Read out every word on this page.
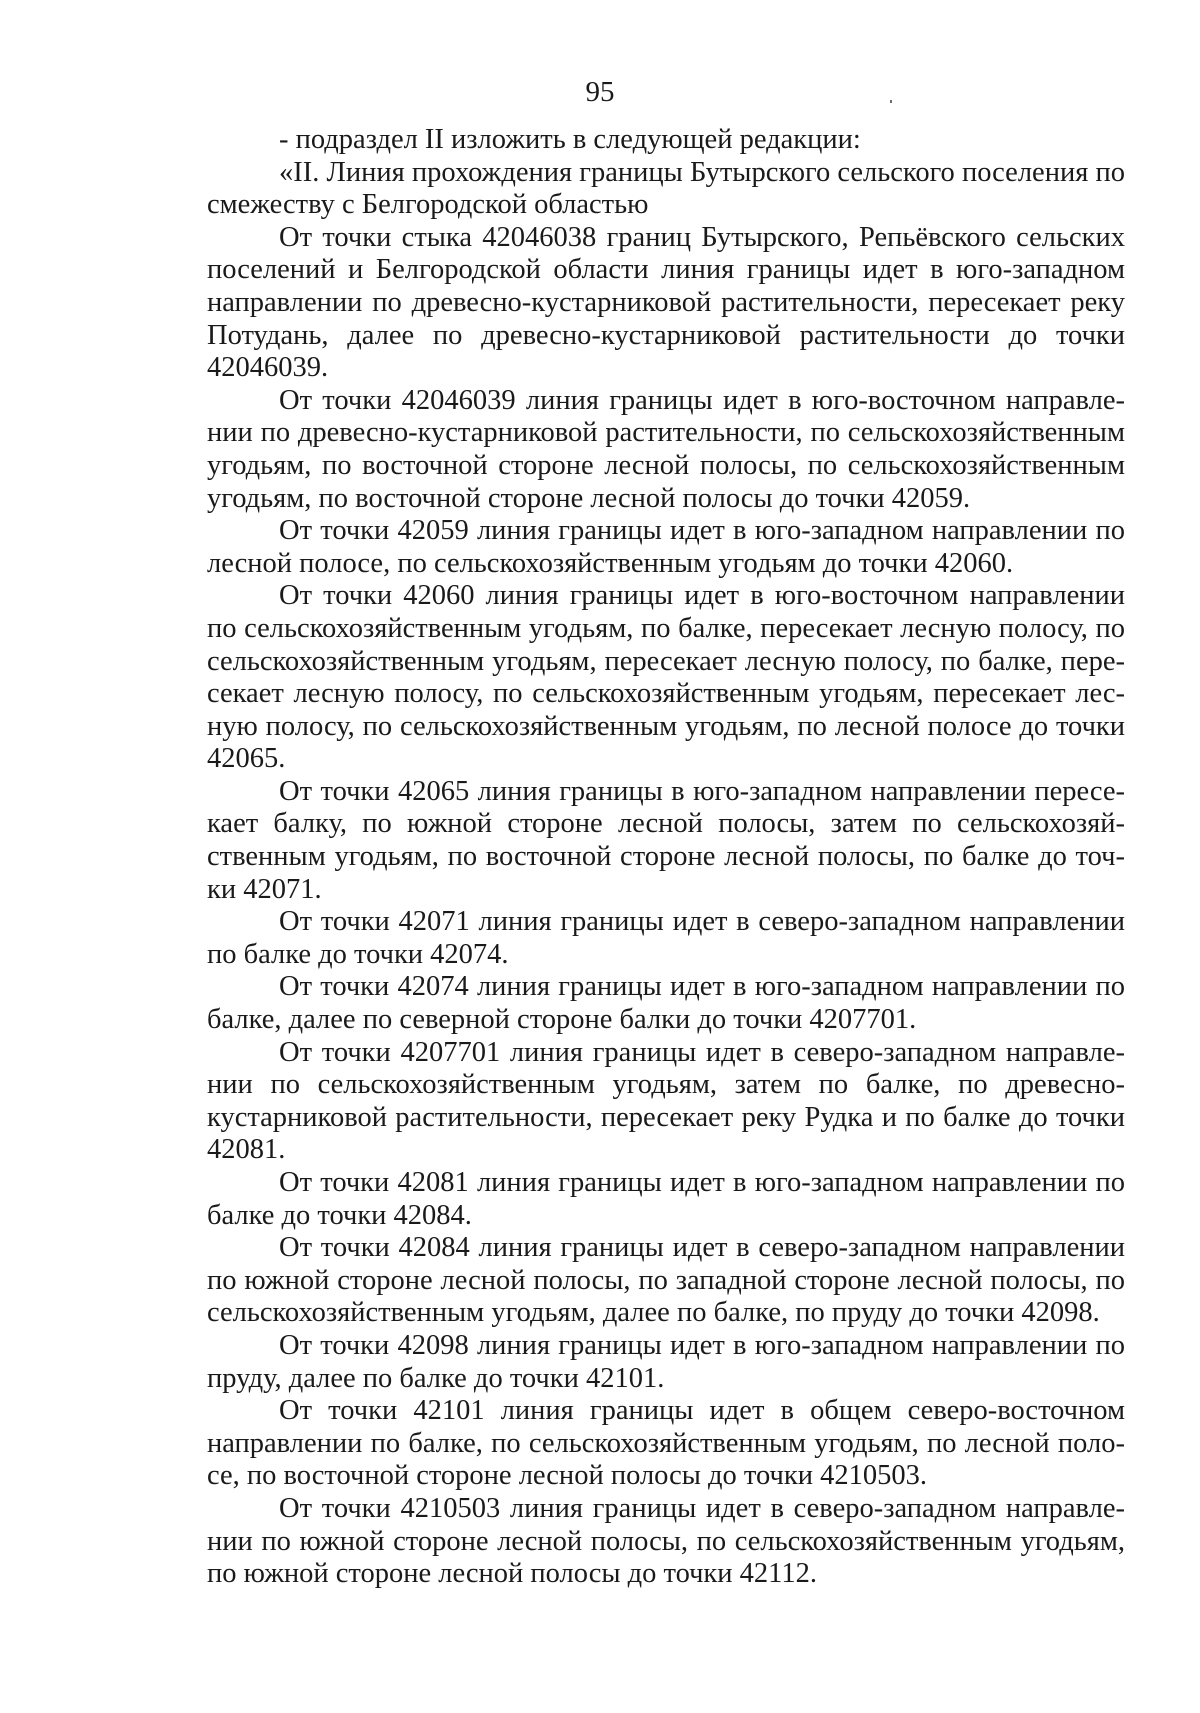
95

- подраздел II изложить в следующей редакции:

«II. Линия прохождения границы Бутырского сельского поселения по смежеству с Белгородской областью

От точки стыка 42046038 границ Бутырского, Репьёвского сельских поселений и Белгородской области линия границы идет в юго-западном направлении по древесно-кустарниковой растительности, пересекает реку Потудань, далее по древесно-кустарниковой растительности до точки 42046039.

От точки 42046039 линия границы идет в юго-восточном направлении по древесно-кустарниковой растительности, по сельскохозяйственным угодьям, по восточной стороне лесной полосы, по сельскохозяйственным угодьям, по восточной стороне лесной полосы до точки 42059.

От точки 42059 линия границы идет в юго-западном направлении по лесной полосе, по сельскохозяйственным угодьям до точки 42060.

От точки 42060 линия границы идет в юго-восточном направлении по сельскохозяйственным угодьям, по балке, пересекает лесную полосу, по сельскохозяйственным угодьям, пересекает лесную полосу, по балке, пересекает лесную полосу, по сельскохозяйственным угодьям, пересекает лесную полосу, по сельскохозяйственным угодьям, по лесной полосе до точки 42065.

От точки 42065 линия границы в юго-западном направлении пересекает балку, по южной стороне лесной полосы, затем по сельскохозяйственным угодьям, по восточной стороне лесной полосы, по балке до точки 42071.

От точки 42071 линия границы идет в северо-западном направлении по балке до точки 42074.

От точки 42074 линия границы идет в юго-западном направлении по балке, далее по северной стороне балки до точки 4207701.

От точки 4207701 линия границы идет в северо-западном направлении по сельскохозяйственным угодьям, затем по балке, по древесно-кустарниковой растительности, пересекает реку Рудка и по балке до точки 42081.

От точки 42081 линия границы идет в юго-западном направлении по балке до точки 42084.

От точки 42084 линия границы идет в северо-западном направлении по южной стороне лесной полосы, по западной стороне лесной полосы, по сельскохозяйственным угодьям, далее по балке, по пруду до точки 42098.

От точки 42098 линия границы идет в юго-западном направлении по пруду, далее по балке до точки 42101.

От точки 42101 линия границы идет в общем северо-восточном направлении по балке, по сельскохозяйственным угодьям, по лесной полосе, по восточной стороне лесной полосы до точки 4210503.

От точки 4210503 линия границы идет в северо-западном направлении по южной стороне лесной полосы, по сельскохозяйственным угодьям, по южной стороне лесной полосы до точки 42112.
